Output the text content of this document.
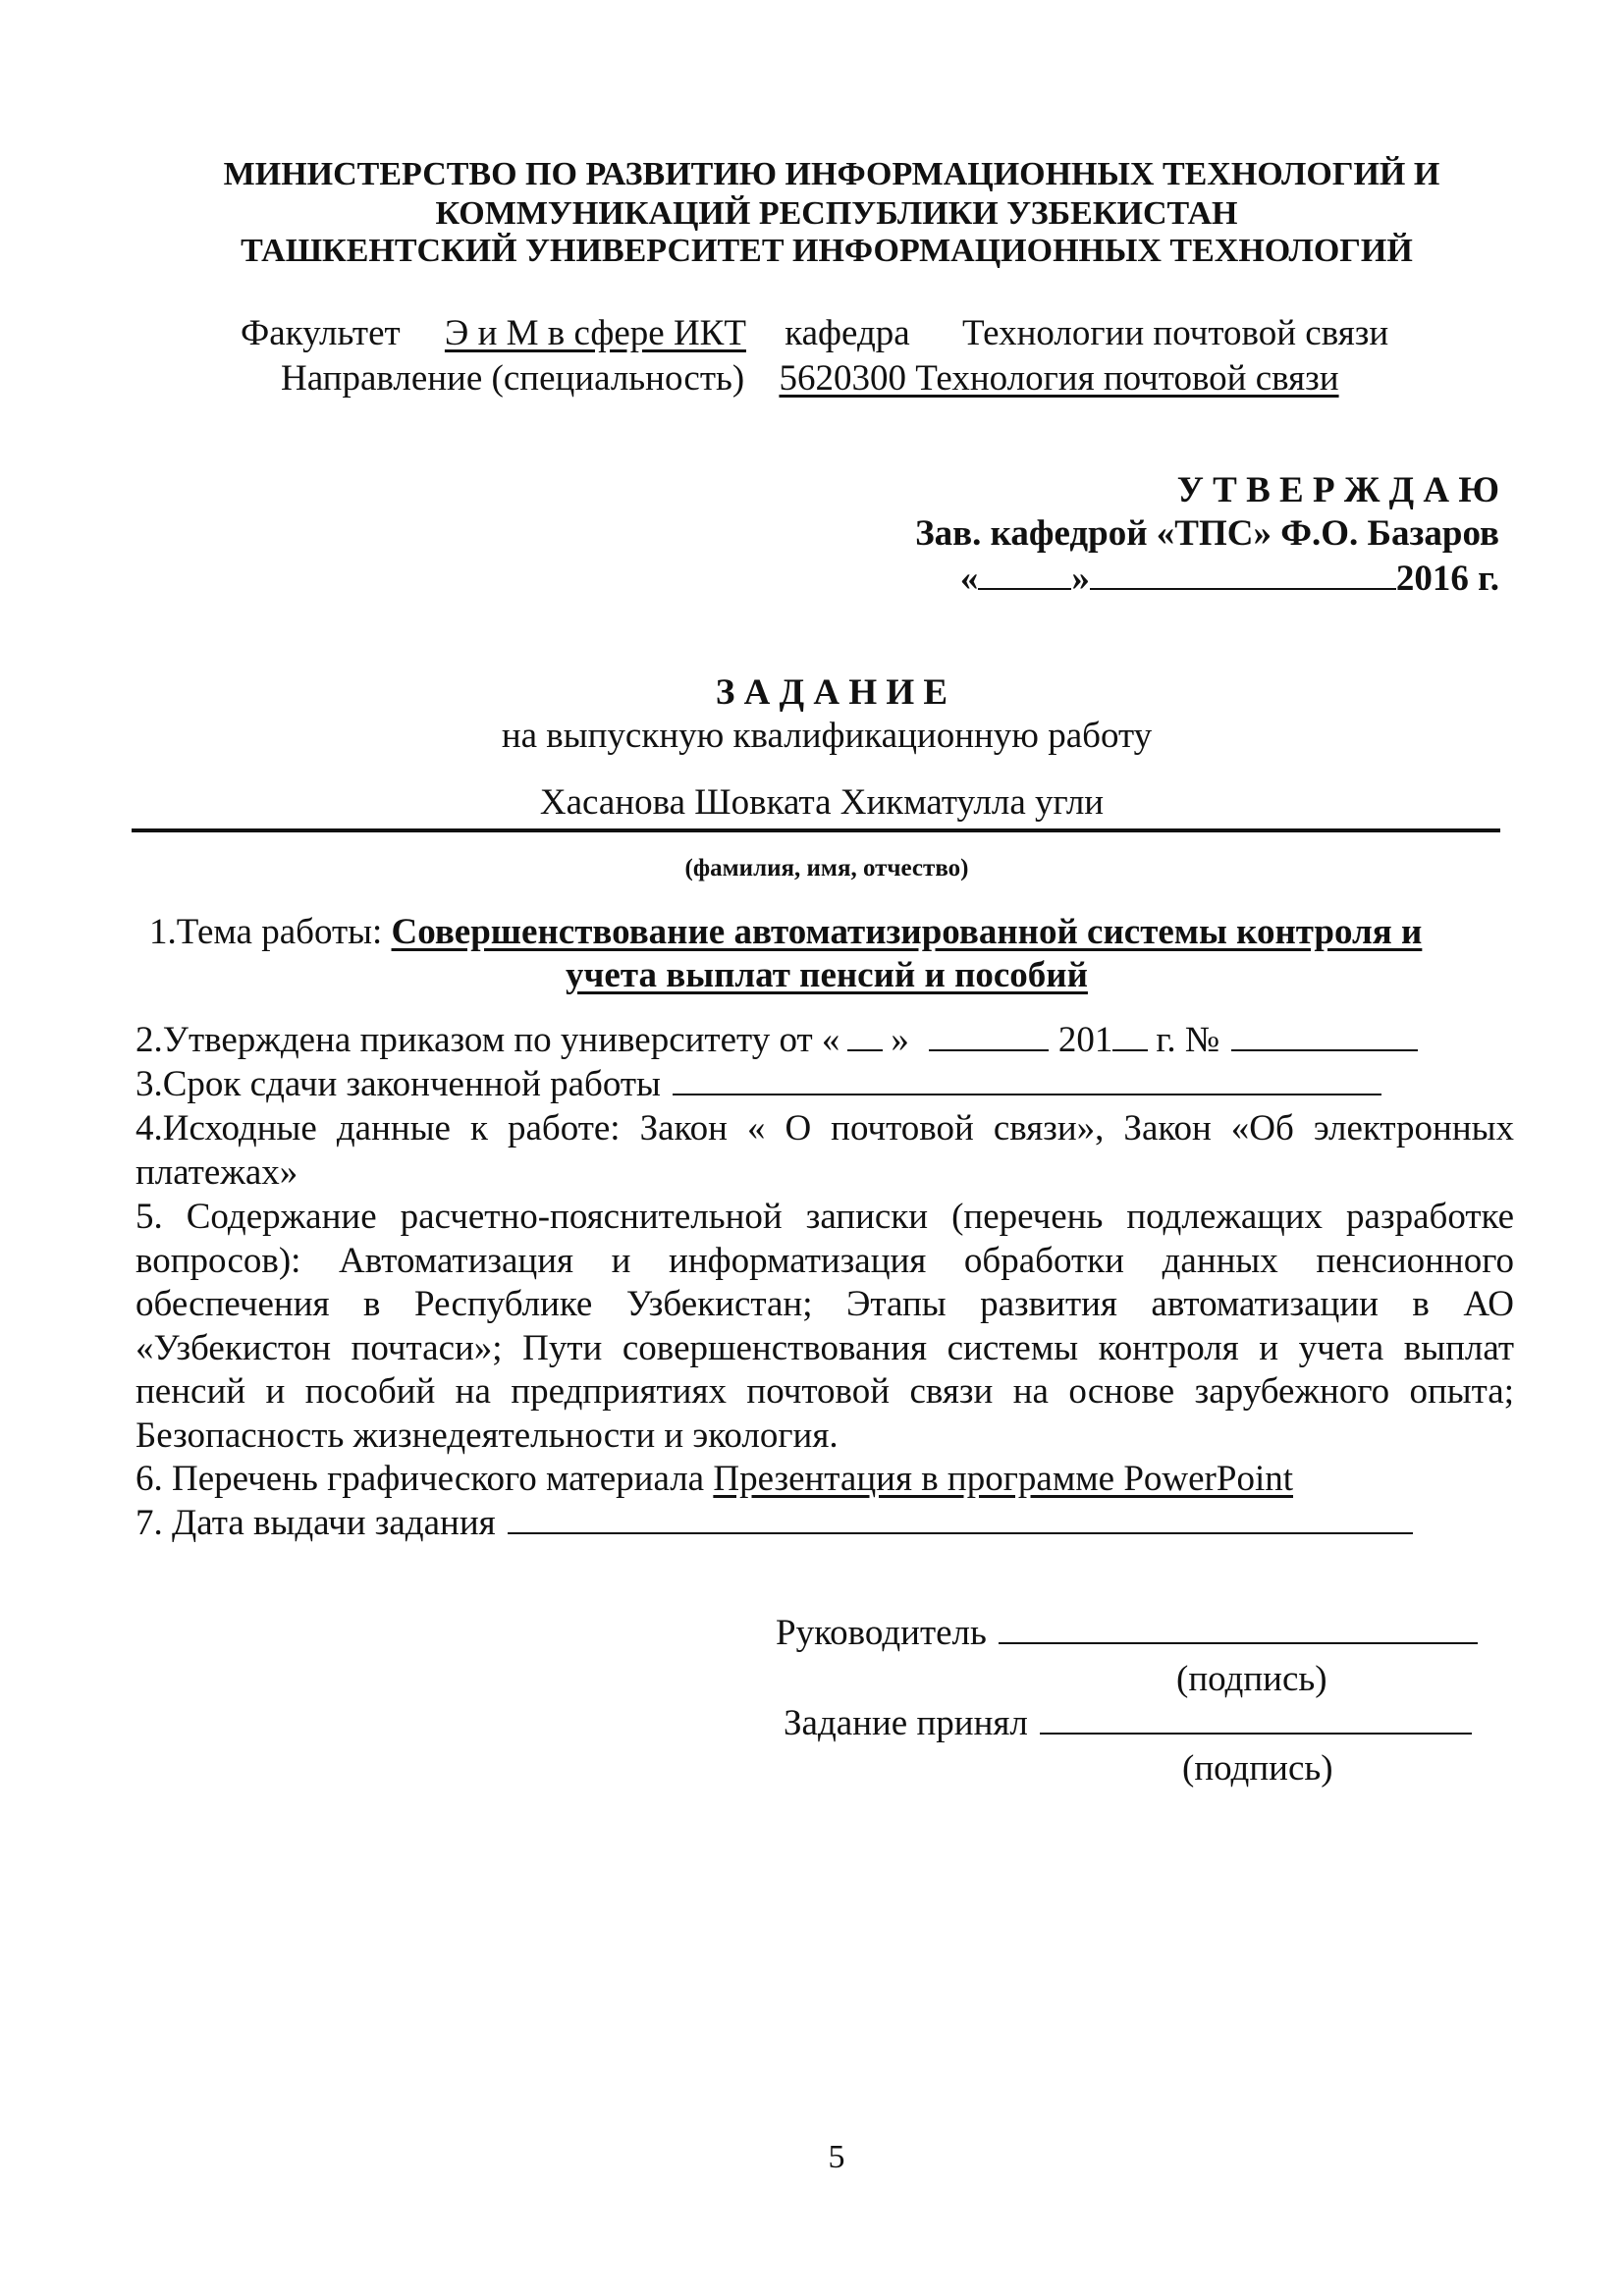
МИНИСТЕРСТВО ПО РАЗВИТИЮ ИНФОРМАЦИОННЫХ ТЕХНОЛОГИЙ И
КОММУНИКАЦИЙ РЕСПУБЛИКИ УЗБЕКИСТАН
ТАШКЕНТСКИЙ УНИВЕРСИТЕТ ИНФОРМАЦИОННЫХ ТЕХНОЛОГИЙ
Факультет Э и М в сфере ИКТ кафедра Технологии почтовой связи
Направление (специальность) 5620300 Технология почтовой связи
У Т В Е Р Ж Д А Ю
Зав. кафедрой «ТПС» Ф.О. Базаров
«	»	2016 г.
З А Д А Н И Е
на выпускную квалификационную работу
Хасанова Шовката Хикматулла угли
(фамилия, имя, отчество)
1.Тема работы: Совершенствование автоматизированной системы контроля и
учета выплат пенсий и пособий
2.Утверждена приказом по университету от « »	201 г. №
3.Срок сдачи законченной работы
4.Исходные данные к работе: Закон « О почтовой связи», Закон «Об электронных платежах»
5. Содержание расчетно-пояснительной записки (перечень подлежащих разработке вопросов): Автоматизация и информатизация обработки данных пенсионного обеспечения в Республике Узбекистан; Этапы развития автоматизации в АО «Узбекистон почтаси»; Пути совершенствования системы контроля и учета выплат пенсий и пособий на предприятиях почтовой связи на основе зарубежного опыта; Безопасность жизнедеятельности и экология.
6. Перечень графического материала Презентация в программе PowerPoint
7. Дата выдачи задания
Руководитель
(подпись)
Задание принял
(подпись)
5
